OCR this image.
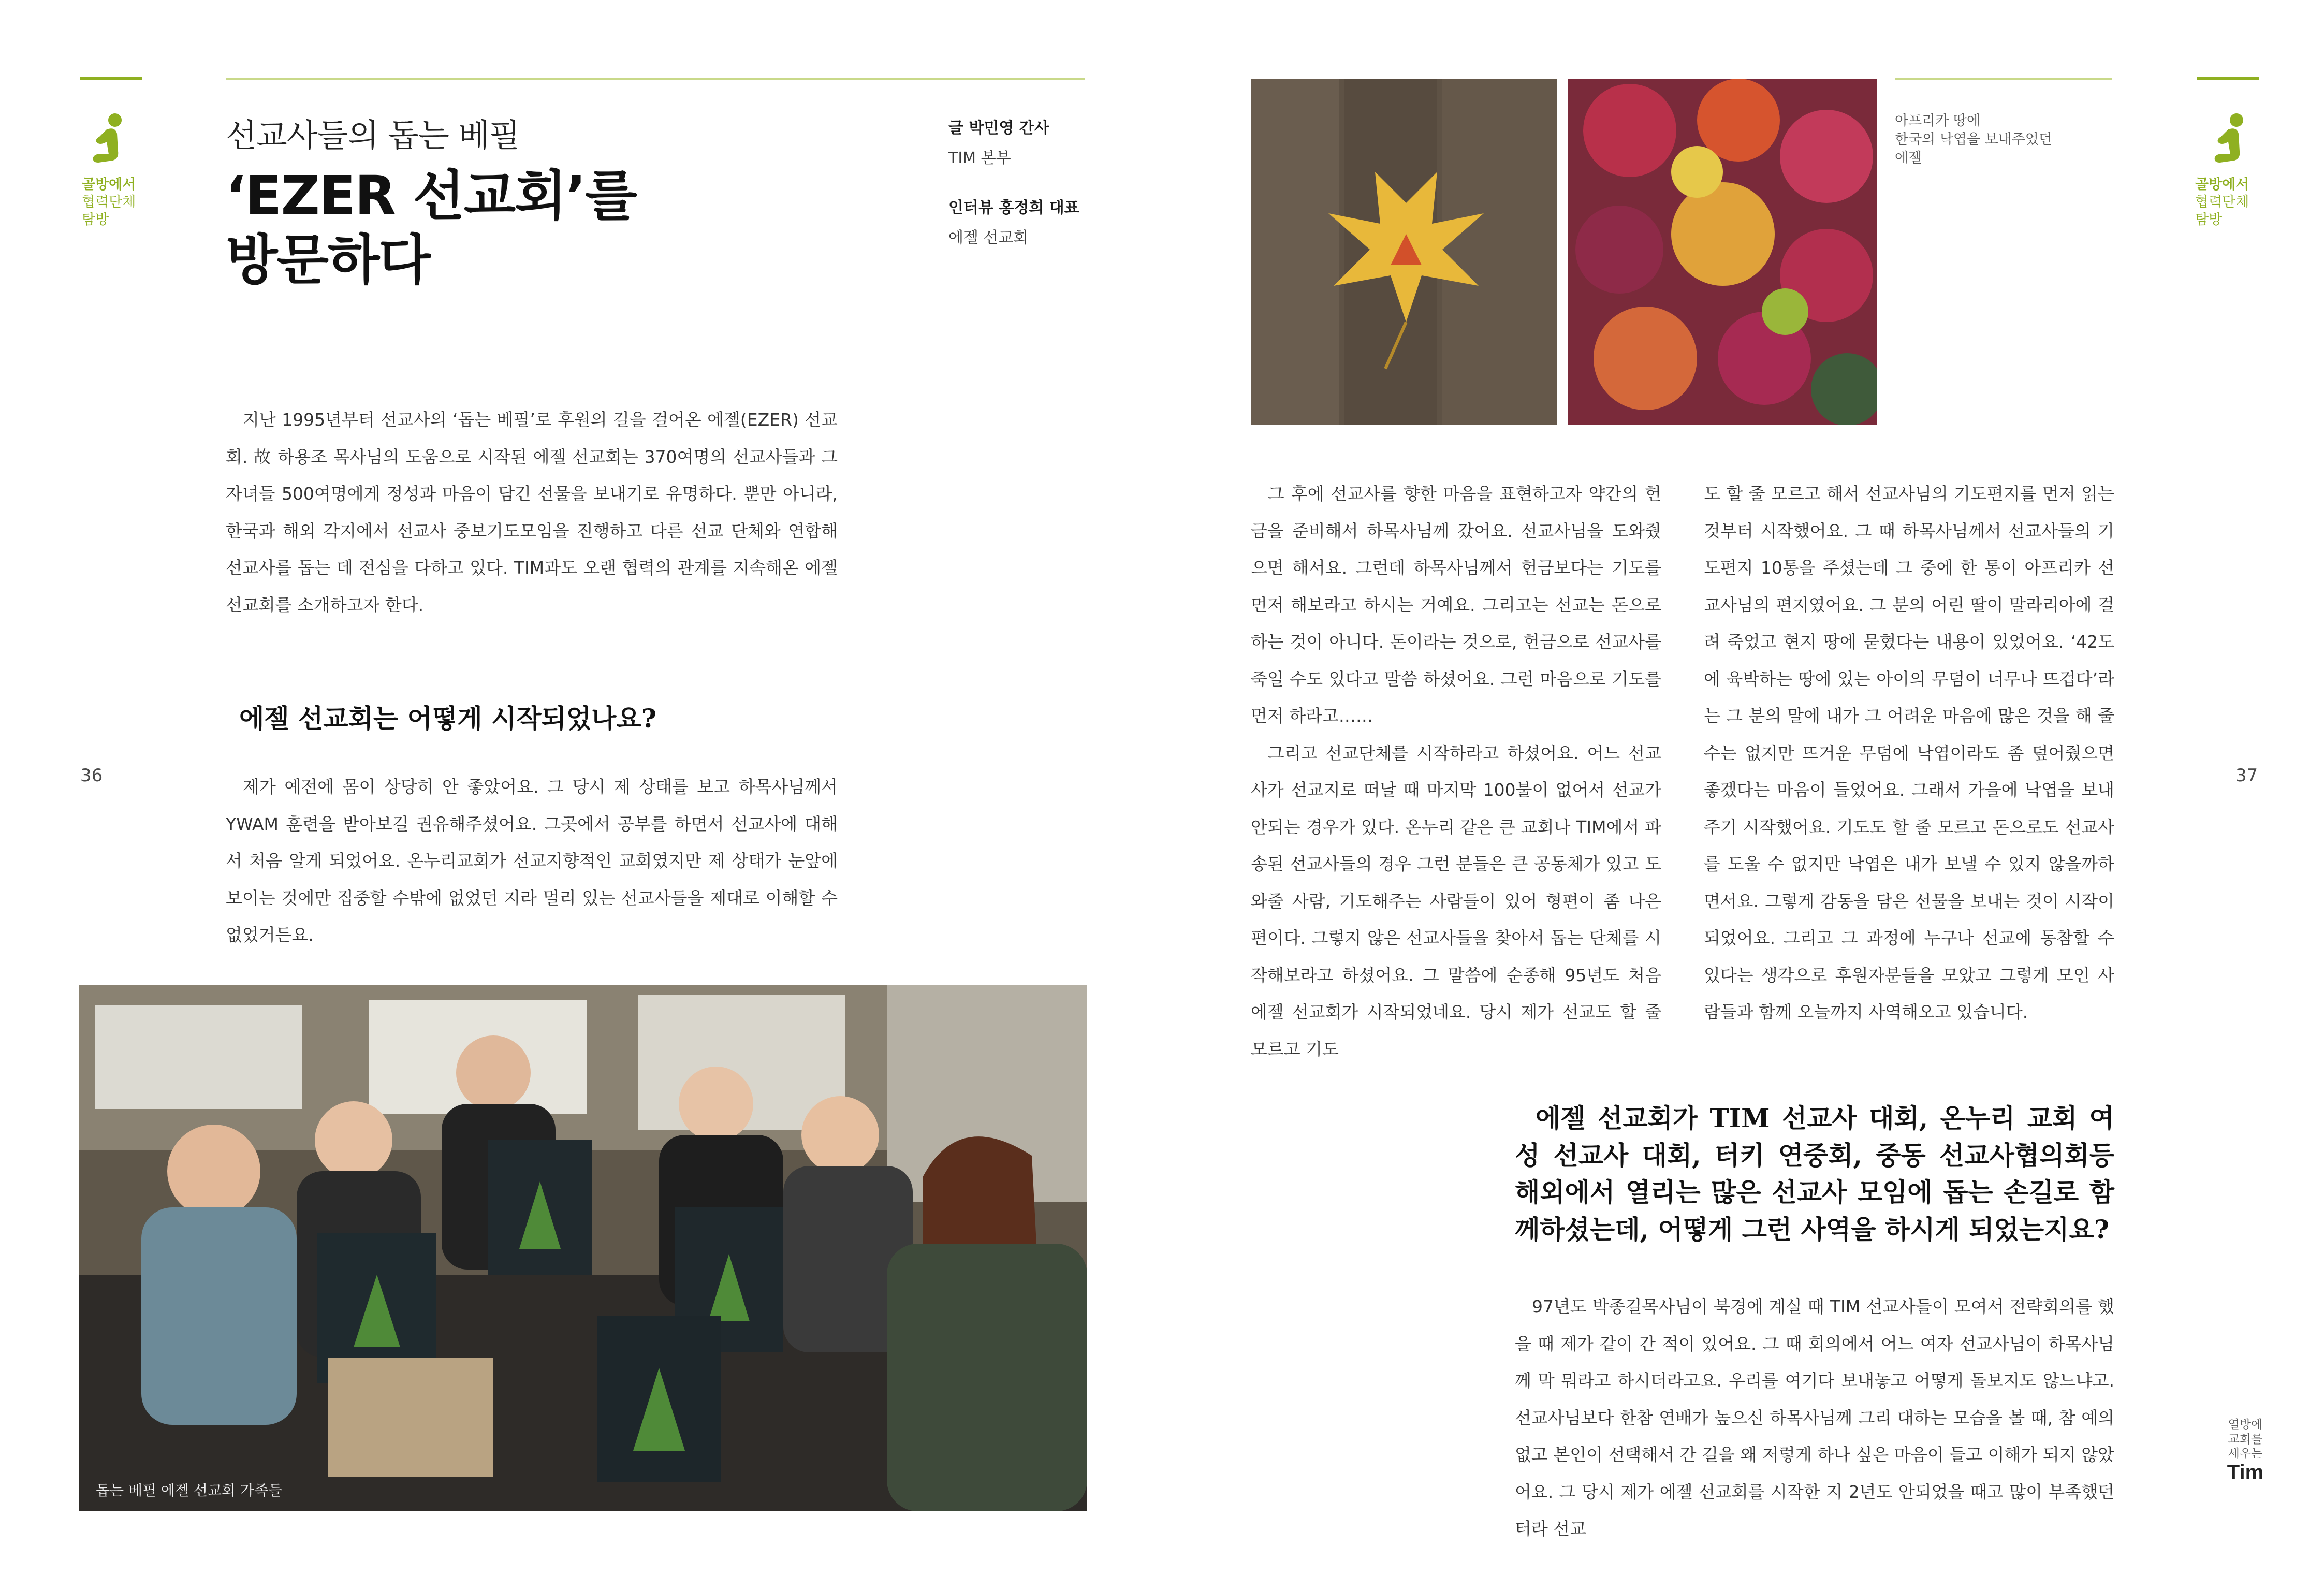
골방에서
협력단체
탐방
선교사들의 돕는 베필
‘EZER 선교회’를
방문하다
글 박민영 간사
TIM 본부
인터뷰 홍정희 대표
에젤 선교회

지난 1995년부터 선교사의 ‘돕는 베필’로 후원의 길을 걸어온 에젤(EZER) 선교회. 故 하용조 목사님의 도움으로 시작된 에젤 선교회는 370여명의 선교사들과 그 자녀들 500여명에게 정성과 마음이 담긴 선물을 보내기로 유명하다. 뿐만 아니라, 한국과 해외 각지에서 선교사 중보기도모임을 진행하고 다른 선교 단체와 연합해 선교사를 돕는 데 전심을 다하고 있다. TIM과도 오랜 협력의 관계를 지속해온 에젤 선교회를 소개하고자 한다.

에젤 선교회는 어떻게 시작되었나요?

제가 예전에 몸이 상당히 안 좋았어요. 그 당시 제 상태를 보고 하목사님께서 YWAM 훈련을 받아보길 권유해주셨어요. 그곳에서 공부를 하면서 선교사에 대해서 처음 알게 되었어요. 온누리교회가 선교지향적인 교회였지만 제 상태가 눈앞에 보이는 것에만 집중할 수밖에 없었던 지라 멀리 있는 선교사들을 제대로 이해할 수 없었거든요.

36
돕는 베필 에젤 선교회 가족들
아프리카 땅에
한국의 낙엽을 보내주었던
에젤
골방에서
협력단체
탐방

그 후에 선교사를 향한 마음을 표현하고자 약간의 헌금을 준비해서 하목사님께 갔어요. 선교사님을 도와줬으면 해서요. 그런데 하목사님께서 헌금보다는 기도를 먼저 해보라고 하시는 거예요. 그리고는 선교는 돈으로 하는 것이 아니다. 돈이라는 것으로, 헌금으로 선교사를 죽일 수도 있다고 말씀 하셨어요. 그런 마음으로 기도를 먼저 하라고……

그리고 선교단체를 시작하라고 하셨어요. 어느 선교사가 선교지로 떠날 때 마지막 100불이 없어서 선교가 안되는 경우가 있다. 온누리 같은 큰 교회나 TIM에서 파송된 선교사들의 경우 그런 분들은 큰 공동체가 있고 도와줄 사람, 기도해주는 사람들이 있어 형편이 좀 나은 편이다. 그렇지 않은 선교사들을 찾아서 돕는 단체를 시작해보라고 하셨어요. 그 말씀에 순종해 95년도 처음 에젤 선교회가 시작되었네요. 당시 제가 선교도 할 줄 모르고 기도

도 할 줄 모르고 해서 선교사님의 기도편지를 먼저 읽는 것부터 시작했어요. 그 때 하목사님께서 선교사들의 기도편지 10통을 주셨는데 그 중에 한 통이 아프리카 선교사님의 편지였어요. 그 분의 어린 딸이 말라리아에 걸려 죽었고 현지 땅에 묻혔다는 내용이 있었어요. ‘42도에 육박하는 땅에 있는 아이의 무덤이 너무나 뜨겁다’라는 그 분의 말에 내가 그 어려운 마음에 많은 것을 해 줄 수는 없지만 뜨거운 무덤에 낙엽이라도 좀 덮어줬으면 좋겠다는 마음이 들었어요. 그래서 가을에 낙엽을 보내주기 시작했어요. 기도도 할 줄 모르고 돈으로도 선교사를 도울 수 없지만 낙엽은 내가 보낼 수 있지 않을까하면서요. 그렇게 감동을 담은 선물을 보내는 것이 시작이 되었어요. 그리고 그 과정에 누구나 선교에 동참할 수 있다는 생각으로 후원자분들을 모았고 그렇게 모인 사람들과 함께 오늘까지 사역해오고 있습니다.

37
에젤 선교회가 TIM 선교사 대회, 온누리 교회 여성 선교사 대회, 터키 연중회, 중동 선교사협의회등 해외에서 열리는 많은 선교사 모임에 돕는 손길로 함께하셨는데, 어떻게 그런 사역을 하시게 되었는지요?

97년도 박종길목사님이 북경에 계실 때 TIM 선교사들이 모여서 전략회의를 했을 때 제가 같이 간 적이 있어요. 그 때 회의에서 어느 여자 선교사님이 하목사님께 막 뭐라고 하시더라고요. 우리를 여기다 보내놓고 어떻게 돌보지도 않느냐고. 선교사님보다 한참 연배가 높으신 하목사님께 그리 대하는 모습을 볼 때, 참 예의 없고 본인이 선택해서 간 길을 왜 저렇게 하나 싶은 마음이 들고 이해가 되지 않았어요. 그 당시 제가 에젤 선교회를 시작한 지 2년도 안되었을 때고 많이 부족했던 터라 선교

열방에
교회를
세우는
Tim
